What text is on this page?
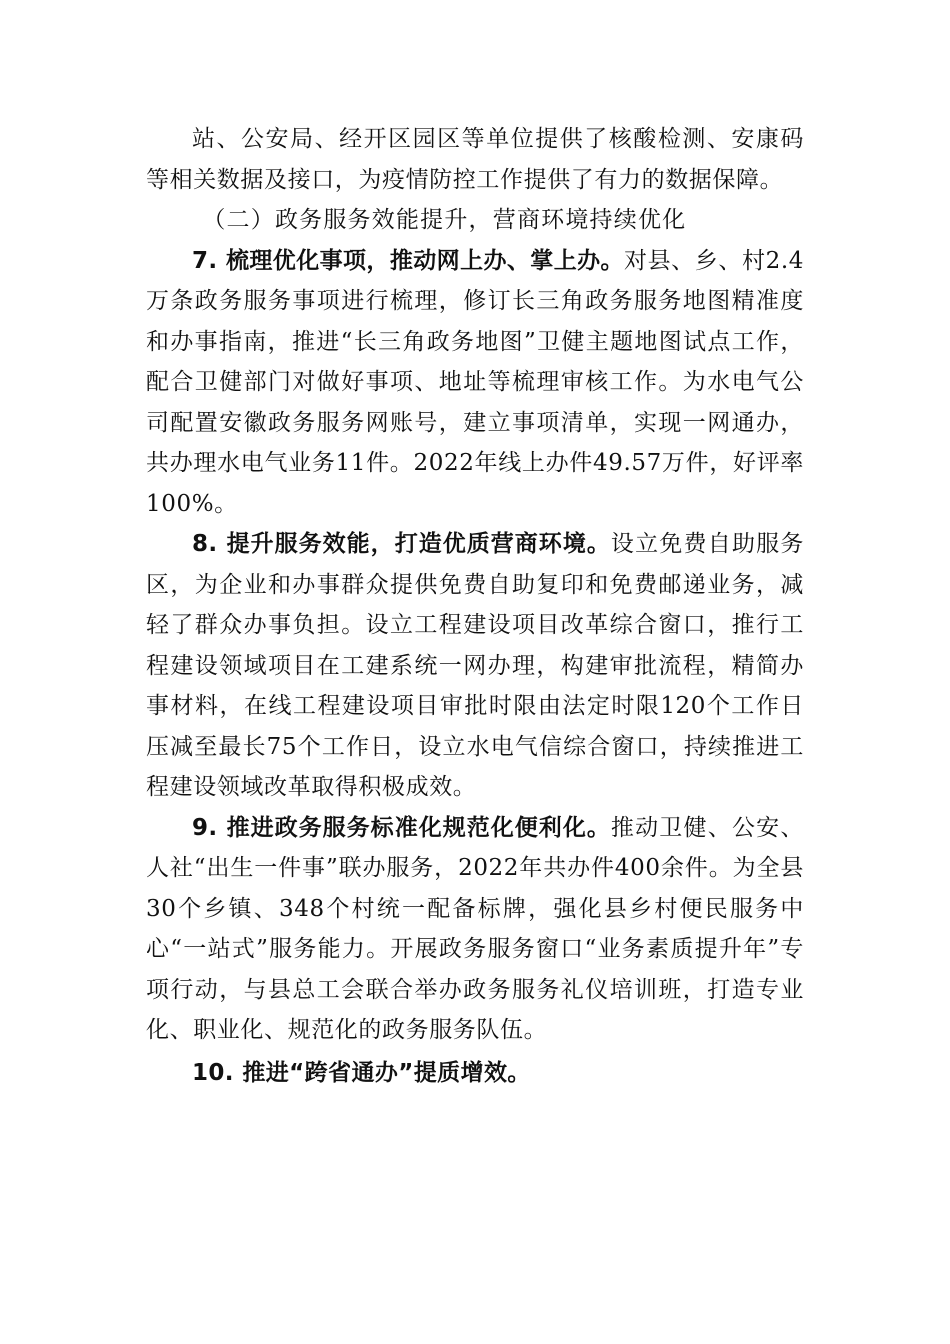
站、公安局、经开区园区等单位提供了核酸检测、安康码等相关数据及接口，为疫情防控工作提供了有力的数据保障。

（二）政务服务效能提升，营商环境持续优化

7. 梳理优化事项，推动网上办、掌上办。对县、乡、村2.4万条政务服务事项进行梳理，修订长三角政务服务地图精准度和办事指南，推进“长三角政务地图”卫健主题地图试点工作，配合卫健部门对做好事项、地址等梳理审核工作。为水电气公司配置安徽政务服务网账号，建立事项清单，实现一网通办，共办理水电气业务11件。2022年线上办件49.57万件，好评率100%。

8. 提升服务效能，打造优质营商环境。设立免费自助服务区，为企业和办事群众提供免费自助复印和免费邮递业务，减轻了群众办事负担。设立工程建设项目改革综合窗口，推行工程建设领域项目在工建系统一网办理，构建审批流程，精简办事材料，在线工程建设项目审批时限由法定时限120个工作日压减至最长75个工作日，设立水电气信综合窗口，持续推进工程建设领域改革取得积极成效。

9. 推进政务服务标准化规范化便利化。推动卫健、公安、人社“出生一件事”联办服务，2022年共办件400余件。为全县30个乡镇、348个村统一配备标牌，强化县乡村便民服务中心“一站式”服务能力。开展政务服务窗口“业务素质提升年”专项行动，与县总工会联合举办政务服务礼仪培训班，打造专业化、职业化、规范化的政务服务队伍。

10. 推进“跨省通办”提质增效。
